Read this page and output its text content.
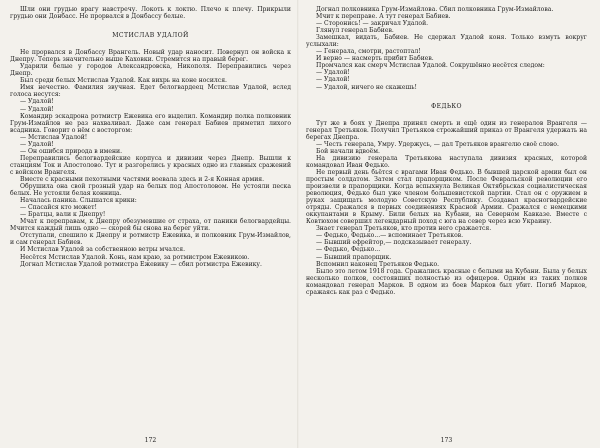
Шли они грудью врагу навстречу. Локоть к локтю. Плечо к плечу. Прикрыли грудью они Донбасс. Не прорвался в Донбассу белые.

МСТИСЛАВ УДАЛОЙ

Не прорвался в Донбассу Врангель. Новый удар наносит. Повернул он войска к Днепру. Теперь значительно выше Каховки. Стремится на правый берег.

Ударили белые у городов Александровска, Никополя. Переправились через Днепр.

Был среди белых Мстислав Удалой. Как вихрь на коне носился.

Имя нечестно. Фамилия звучная. Едет белогвардеец Мстислав Удалой, вслед голоса несутся:

— Удалой!

— Удалой!

Командир эскадрона ротмистр Ежевика его выделил. Командир полка полковник Грум-Измайлов не раз нахваливал. Даже сам генерал Бабиев приметил лихого всадника. Говорит о нём с восторгом:

— Мстислав Удалой!

— Удалой!

— Он ошибся природа в имени.

Переправились белогвардейские корпуса и дивизии через Днепр. Вышли к станциям Ток и Апостолово. Тут и разгорелись у красных одно из главных сражений с войском Врангеля.

Вместе с красными пехотными частями воевала здесь и 2-я Конная армия.

Обрушила она свой грозный удар на белых под Апостоловом. Не устояли песка белых. Не устояли белая конница.

Началась паника. Слышатся крики:

— Спасайся кто может!

— Братцы, вали к Днепру!

Мчат к переправам, к Днепру обезумевшие от страха, от паники белогвардейцы. Мчится каждый лишь одно — скорей бы снова на берег уйти.

Отступали, спешило к Днепру и ротмистр Ежевика, и полковник Грум-Измайлов, и сам генерал Бабиев.

И Мстислав Удалой за собственною ветры мчался.

Несётся Мстислав Удалой. Конь, нам краю, за ротмистром Ежевикою.

Догнал Мстислав Удалой ротмистра Ежевику — сбил ротмистра Ежевику.

172

Догнал полковника Грум-Измайлова. Сбил полковника Грум-Измайлова.

Мчит к переправе. А тут генерал Бабиев.

— Сторонись! — закричал Удалой.

Глянул генерал Бабиев.

Замешкал, видать, Бабиев. Не сдержал Удалой коня. Только взмуть вокруг услыхали:

— Генерала, смотри, растоптал!

И верно — насмерть прибит Бабиев.

Промчался как смерч Мстислав Удалой. Сокрушённо несётся следом:

— Удалой!

— Удалой!

— Удалой, ничего не скажешь!

ФЕДЬКО

Тут же в боях у Днепра принял смерть и ещё один из генералов Врангеля — генерал Третьяков. Получил Третьяков строжайший приказ от Врангеля удержать на берегах Днепра.

— Честь генерала, Умру. Удержусь, — дал Третьяков врангелю своё слово.

Бой начали вдвоём.

На дивизию генерала Третьякова наступала дивизия красных, которой командовал Иван Федько.

Не первый день бьётся с врагами Иван Федько. В бывшей царской армии был он простым солдатом. Затем стал прапорщиком. После Февральской революции его произвели в прапорщики. Когда вспыхнула Великая Октябрьская социалистическая революция, Федько был уже членом большевистской партии. Стал он с оружием в руках защищать молодую Советскую Республику. Создавал красногвардейские отряды. Сражался в первых соединениях Красной Армии. Сражался с немецкими оккупантами в Крыму. Били белых на Кубани, на Северном Кавказе. Вместе с Ковтюхом совершил легендарный поход с юга на север через всю Украину.

Знает генерал Третьяков, кто против него сражается.

— Федько, Федько...— вспоминает Третьяков.

— Бывший ефрейтор,— подсказывает генералу.

— Федько, Федько...

— Бывший прапорщик.

Вспомнил наконец Третьяков Федько.

Было это летом 1918 года. Сражались красные с белыми на Кубани. Была у белых несколько полков, состоявших полностью из офицеров. Одним из таких полков командовал генерал Марков. В одном из боев Марков был убит. Погиб Марков, сражаясь как раз с Федько.

173
